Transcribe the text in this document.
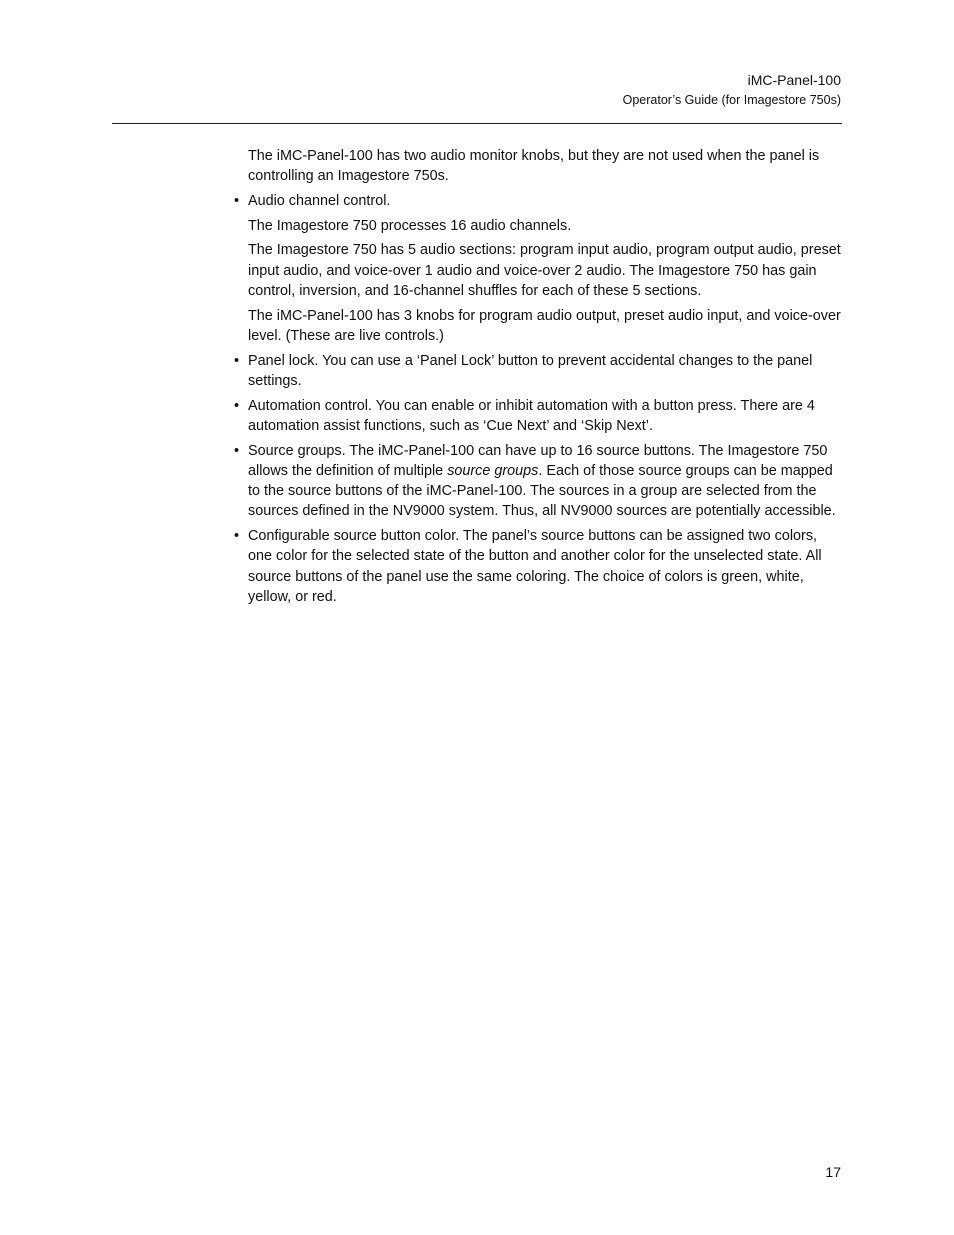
iMC-Panel-100
Operator’s Guide (for Imagestore 750s)

The iMC-Panel-100 has two audio monitor knobs, but they are not used when the panel is controlling an Imagestore 750s.

• Audio channel control.

The Imagestore 750 processes 16 audio channels.

The Imagestore 750 has 5 audio sections: program input audio, program output audio, preset input audio, and voice-over 1 audio and voice-over 2 audio. The Imagestore 750 has gain control, inversion, and 16-channel shuffles for each of these 5 sections.

The iMC-Panel-100 has 3 knobs for program audio output, preset audio input, and voice-over level. (These are live controls.)

• Panel lock. You can use a ‘Panel Lock’ button to prevent accidental changes to the panel settings.
• Automation control. You can enable or inhibit automation with a button press. There are 4 automation assist functions, such as ‘Cue Next’ and ‘Skip Next’.
• Source groups. The iMC-Panel-100 can have up to 16 source buttons. The Imagestore 750 allows the definition of multiple source groups. Each of those source groups can be mapped to the source buttons of the iMC-Panel-100. The sources in a group are selected from the sources defined in the NV9000 system. Thus, all NV9000 sources are potentially accessible.
• Configurable source button color. The panel’s source buttons can be assigned two colors, one color for the selected state of the button and another color for the unselected state. All source buttons of the panel use the same coloring. The choice of colors is green, white, yellow, or red.
17
